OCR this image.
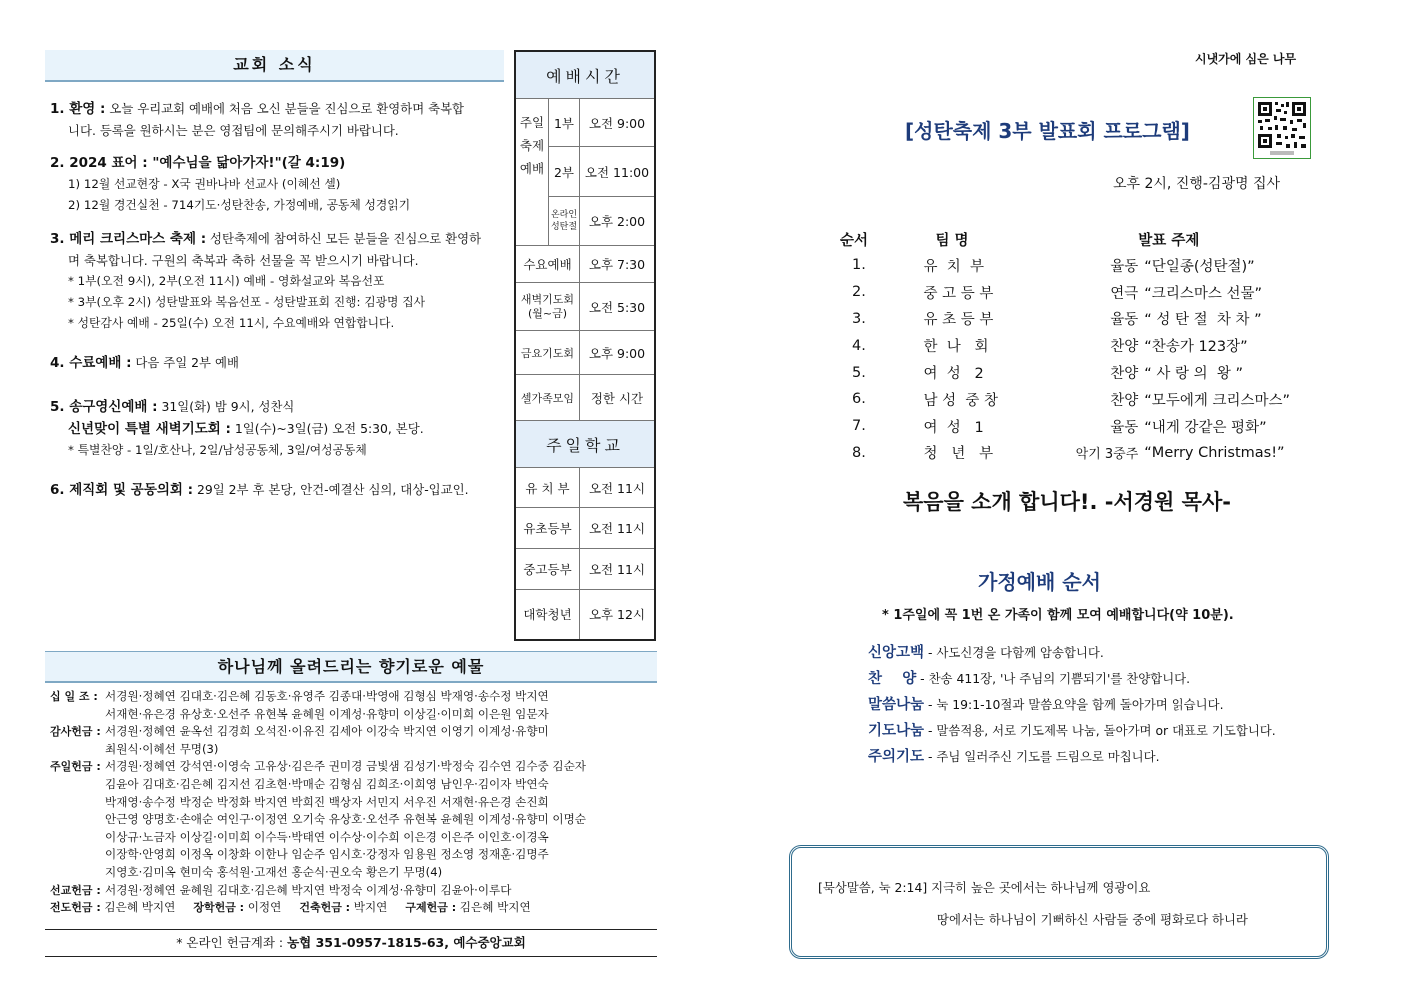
교회 소식
1. 환영 : 오늘 우리교회 예배에 처음 오신 분들을 진심으로 환영하며 축복합
니다. 등록을 원하시는 분은 영접팀에 문의해주시기 바랍니다.
2. 2024 표어 : "예수님을 닮아가자!"(갈 4:19)
1) 12월 선교현장 - X국 권바나바 선교사 (이혜선 셀)
2) 12월 경건실천 - 714기도·성탄찬송, 가정예배, 공동체 성경읽기
3. 메리 크리스마스 축제 : 성탄축제에 참여하신 모든 분들을 진심으로 환영하
며 축복합니다. 구원의 축복과 축하 선물을 꼭 받으시기 바랍니다.
* 1부(오전 9시), 2부(오전 11시) 예배 - 영화설교와 복음선포
* 3부(오후 2시) 성탄발표와 복음선포 - 성탄발표회 진행: 김광명 집사
* 성탄감사 예배 - 25일(수) 오전 11시, 수요예배와 연합합니다.
4. 수료예배 : 다음 주일 2부 예배
5. 송구영신예배 : 31일(화) 밤 9시, 성찬식
신년맞이 특별 새벽기도회 : 1일(수)~3일(금) 오전 5:30, 본당.
* 특별찬양 - 1일/호산나, 2일/남성공동체, 3일/여성공동체
6. 제직회 및 공동의회 : 29일 2부 후 본당, 안건-예결산 심의, 대상-입교인.
예배시간		
주일
축제
예배	1부	오전 9:00
	2부	오전 11:00
	온라인 성탄절	오후 2:00
수요예배		오후 7:30
새벽기도회 (월~금)		오전 5:30
금요기도회		오후 9:00
셀가족모임		정한 시간
주일학교		
유 치 부		오전 11시
유초등부		오전 11시
중고등부		오전 11시
대학청년		오후 12시
하나님께 올려드리는 향기로운 예물
십 일 조 : 서경원·정혜연 김대호·김은혜 김동호·유영주 김종대·박영애 김형심 박재영·송수정 박지연
서재현·유은경 유상호·오선주 유현복 윤혜원 이계성·유향미 이상길·이미희 이은원 임문자
감사헌금 : 서경원·정혜연 윤옥선 김경희 오석진·이유진 김세아 이강숙 박지연 이영기 이계성·유향미
최원식·이혜선 무명(3)
주일헌금 : 서경원·정혜연 강석연·이영숙 고유상·김은주 권미경 금빛샘 김성기·박정숙 김수연 김수중 김순자
김윤아 김대호·김은혜 김지선 김초현·박매순 김형심 김희조·이희영 남인우·김이자 박연숙
박재영·송수정 박정순 박정화 박지연 박희진 백상자 서민지 서우진 서재현·유은경 손진희
안근영 양명호·손애순 여인구·이정연 오기숙 유상호·오선주 유현복 윤혜원 이계성·유향미 이명순
이상규·노금자 이상길·이미희 이수득·박태연 이수상·이수희 이은경 이은주 이인호·이경옥
이장학·안영희 이정옥 이창화 이한나 임순주 임시호·강정자 임용원 정소영 정재훈·김명주
지영호·김미옥 현미숙 홍석원·고재선 홍순식·권오숙 황은기 무명(4)
선교헌금 : 서경원·정혜연 윤혜원 김대호·김은혜 박지연 박정숙 이계성·유향미 김윤아·이루다
전도헌금 : 김은혜 박지연 장학헌금 : 이정연 건축헌금 : 박지연 구제헌금 : 김은혜 박지연
* 온라인 헌금계좌 : 농협 351-0957-1815-63, 예수중앙교회
시냇가에 심은 나무
[성탄축제 3부 발표회 프로그램]
오후 2시, 진행-김광명 집사
순서	팀 명	발표 주제	
1.	유  치  부	율동	“단일종(성탄절)”
2.	중 고 등 부	연극	“크리스마스 선물”
3.	유 초 등 부	율동	“ 성 탄 절  차 차 ”
4.	한  나   회	찬양	“찬송가 123장”
5.	여  성   2	찬양	“ 사 랑 의  왕 ”
6.	남 성  중 창	찬양	“모두에게 크리스마스”
7.	여  성   1	율동	“내게 강같은 평화”
8.	청   년   부	악기 3중주	“Merry Christmas!”
복음을 소개 합니다!. -서경원 목사-
가정예배 순서
* 1주일에 꼭 1번 온 가족이 함께 모여 예배합니다(약 10분).
신앙고백 - 사도신경을 다함께 암송합니다.
찬    양 - 찬송 411장, '나 주님의 기쁨되기'를 찬양합니다.
말씀나눔 - 눅 19:1-10절과 말씀요약을 함께 돌아가며 읽습니다.
기도나눔 - 말씀적용, 서로 기도제목 나눔, 돌아가며 or 대표로 기도합니다.
주의기도 - 주님 일러주신 기도를 드림으로 마칩니다.
[묵상말씀, 눅 2:14] 지극히 높은 곳에서는 하나님께 영광이요
땅에서는 하나님이 기뻐하신 사람들 중에 평화로다 하니라
